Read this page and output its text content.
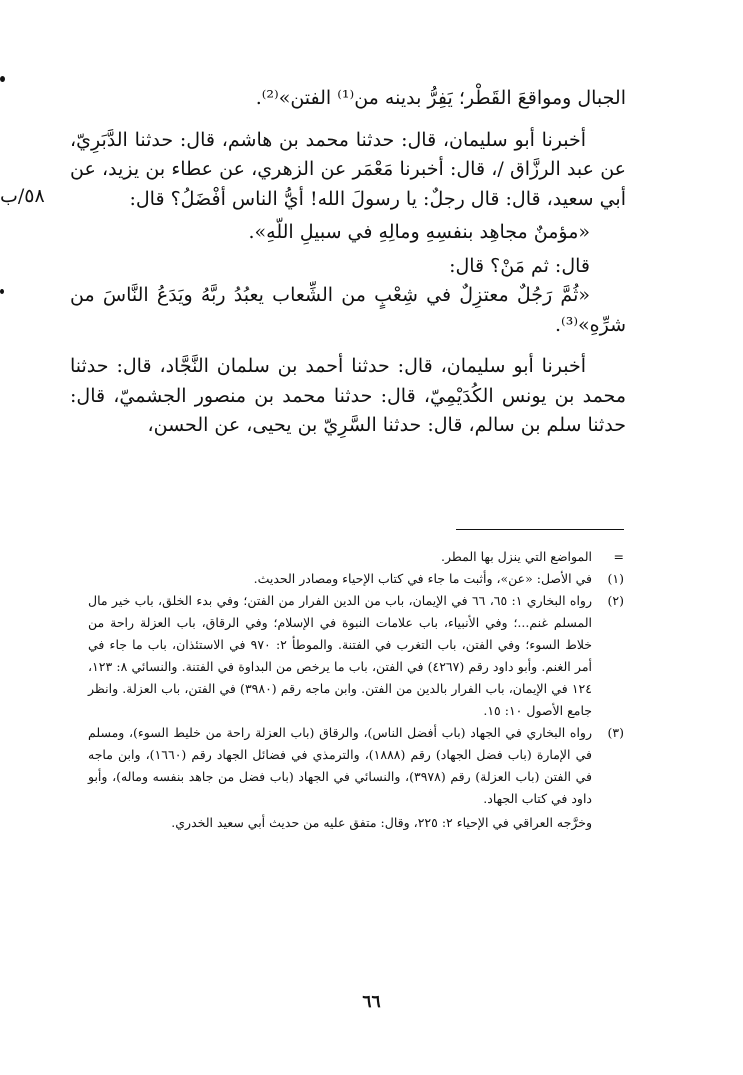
الجبال ومواقعَ القَطْر؛ يَفِرُّ بدينه من⁽¹⁾ الفتن»⁽²⁾.

أخبرنا أبو سليمان، قال: حدثنا محمد بن هاشم، قال: حدثنا الدَّبَرِيّ، عن عبد الرزَّاق /، قال: أخبرنا مَعْمَر عن الزهري، عن عطاء بن يزيد، عن أبي سعيد، قال: قال رجلٌ: يا رسولَ الله! أيُّ الناس أفْضَلُ؟ قال:

«مؤمنٌ مجاهِد بنفسِهِ ومالِهِ في سبيلِ اللّهِ».

قال: ثم مَنْ؟ قال:

«ثُمَّ رَجُلٌ معتزِلٌ في شِعْبٍ من الشِّعاب يعبُدُ ربَّهُ ويَدَعُ النَّاسَ من شرِّهِ»⁽³⁾.

أخبرنا أبو سليمان، قال: حدثنا أحمد بن سلمان النَّجَّاد، قال: حدثنا محمد بن يونس الكُدَيْمِيّ، قال: حدثنا محمد بن منصور الجشميّ، قال: حدثنا سلم بن سالم، قال: حدثنا السَّرِيّ بن يحيى، عن الحسن،

٥٨/ب

=
المواضع التي ينزل بها المطر.

(١)
في الأصل: «عن»، وأثبت ما جاء في كتاب الإحياء ومصادر الحديث.

(٢)
رواه البخاري ١: ٦٥، ٦٦ في الإيمان، باب من الدين الفرار من الفتن؛ وفي بدء الخلق، باب خير مال المسلم غنم...؛ وفي الأنبياء، باب علامات النبوة في الإسلام؛ وفي الرقاق، باب العزلة راحة من خلاط السوء؛ وفي الفتن، باب التغرب في الفتنة. والموطأ ٢: ٩٧٠ في الاستئذان، باب ما جاء في أمر الغنم. وأبو داود رقم (٤٢٦٧) في الفتن، باب ما يرخص من البداوة في الفتنة. والنسائي ٨: ١٢٣، ١٢٤ في الإيمان، باب الفرار بالدين من الفتن. وابن ماجه رقم (٣٩٨٠) في الفتن، باب العزلة. وانظر جامع الأصول ١٠: ١٥.

(٣)
رواه البخاري في الجهاد (باب أفضل الناس)، والرقاق (باب العزلة راحة من خليط السوء)، ومسلم في الإمارة (باب فضل الجهاد) رقم (١٨٨٨)، والترمذي في فضائل الجهاد رقم (١٦٦٠)، وابن ماجه في الفتن (باب العزلة) رقم (٣٩٧٨)، والنسائي في الجهاد (باب فضل من جاهد بنفسه وماله)، وأبو داود في كتاب الجهاد.

وخرَّجه العراقي في الإحياء ٢: ٢٢٥، وقال: متفق عليه من حديث أبي سعيد الخدري.

٦٦
